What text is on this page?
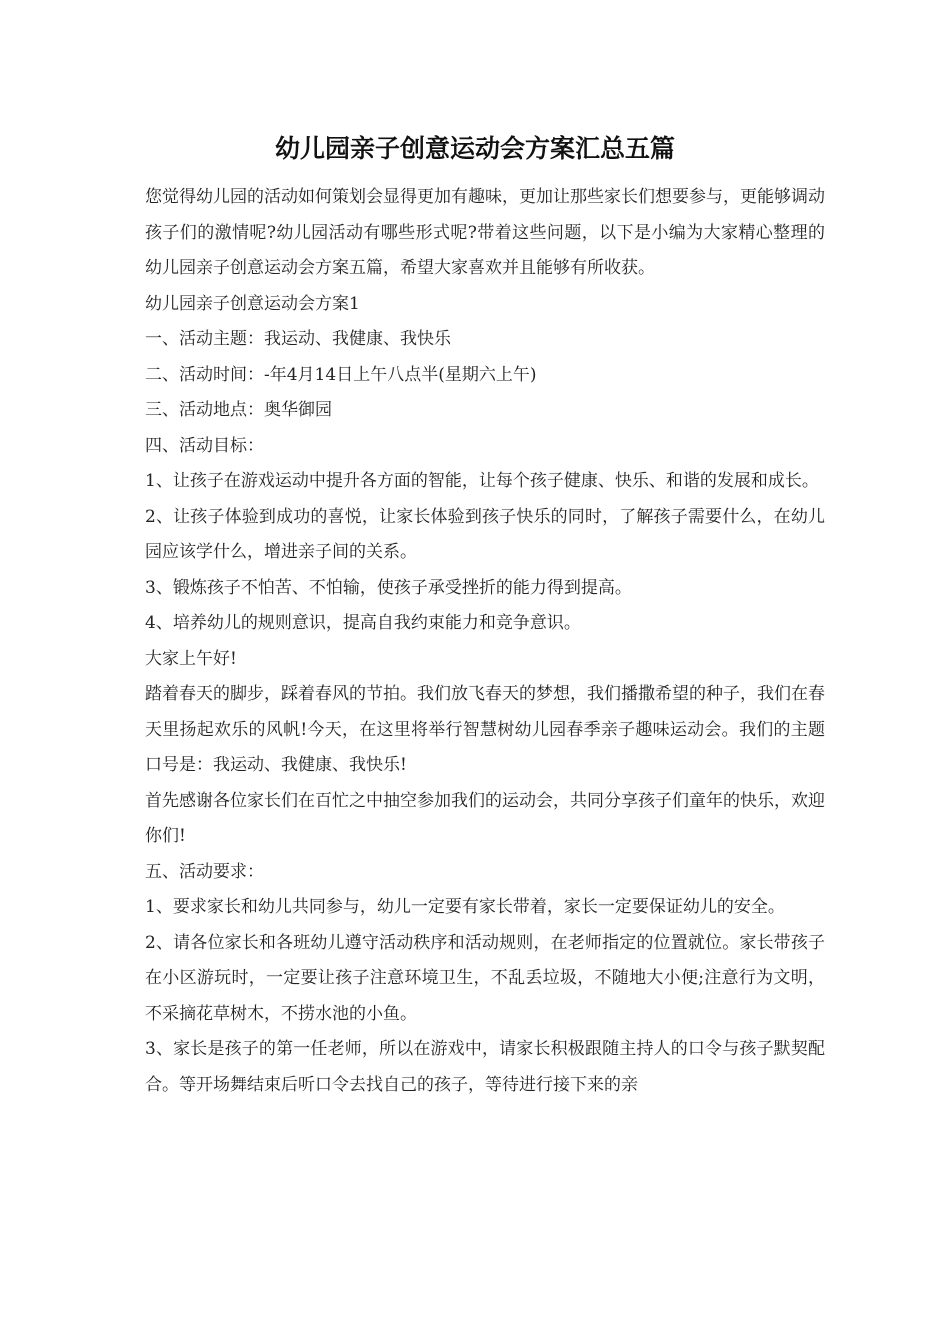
幼儿园亲子创意运动会方案汇总五篇

您觉得幼儿园的活动如何策划会显得更加有趣味，更加让那些家长们想要参与，更能够调动孩子们的激情呢?幼儿园活动有哪些形式呢?带着这些问题，以下是小编为大家精心整理的幼儿园亲子创意运动会方案五篇，希望大家喜欢并且能够有所收获。

幼儿园亲子创意运动会方案1

一、活动主题：我运动、我健康、我快乐

二、活动时间：-年4月14日上午八点半(星期六上午)

三、活动地点：奥华御园

四、活动目标：

1、让孩子在游戏运动中提升各方面的智能，让每个孩子健康、快乐、和谐的发展和成长。

2、让孩子体验到成功的喜悦，让家长体验到孩子快乐的同时，了解孩子需要什么，在幼儿园应该学什么，增进亲子间的关系。

3、锻炼孩子不怕苦、不怕输，使孩子承受挫折的能力得到提高。

4、培养幼儿的规则意识，提高自我约束能力和竞争意识。

大家上午好!

踏着春天的脚步，踩着春风的节拍。我们放飞春天的梦想，我们播撒希望的种子，我们在春天里扬起欢乐的风帆!今天，在这里将举行智慧树幼儿园春季亲子趣味运动会。我们的主题口号是：我运动、我健康、我快乐!

首先感谢各位家长们在百忙之中抽空参加我们的运动会，共同分享孩子们童年的快乐，欢迎你们!

五、活动要求：

1、要求家长和幼儿共同参与，幼儿一定要有家长带着，家长一定要保证幼儿的安全。

2、请各位家长和各班幼儿遵守活动秩序和活动规则，在老师指定的位置就位。家长带孩子在小区游玩时，一定要让孩子注意环境卫生，不乱丢垃圾，不随地大小便;注意行为文明，不采摘花草树木，不捞水池的小鱼。

3、家长是孩子的第一任老师，所以在游戏中，请家长积极跟随主持人的口令与孩子默契配合。等开场舞结束后听口令去找自己的孩子，等待进行接下来的亲
